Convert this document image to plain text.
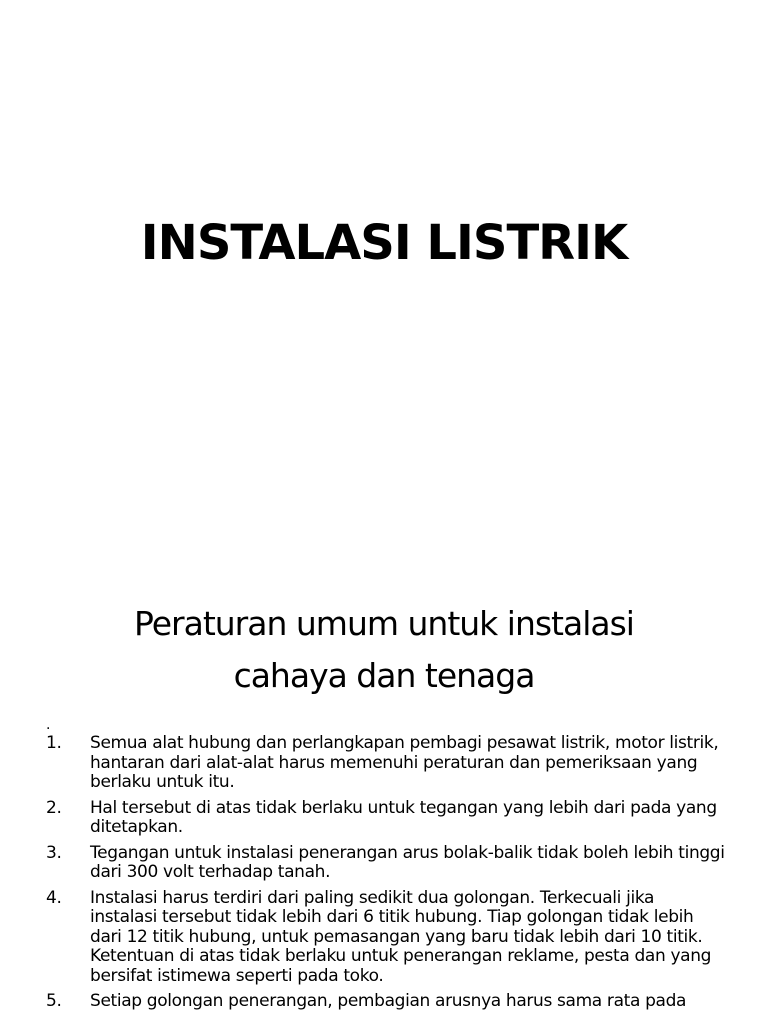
INSTALASI LISTRIK
Peraturan umum untuk instalasi
cahaya dan tenaga
.
1.	Semua alat hubung dan perlangkapan pembagi pesawat listrik, motor listrik, hantaran dari alat-alat harus memenuhi peraturan dan pemeriksaan yang berlaku untuk itu.
2.	Hal tersebut di atas tidak berlaku untuk tegangan yang lebih dari pada yang ditetapkan.
3.	Tegangan untuk instalasi penerangan arus bolak-balik tidak boleh lebih tinggi dari 300 volt terhadap tanah.
4.	Instalasi harus terdiri dari paling sedikit dua golongan. Terkecuali jika instalasi tersebut tidak lebih dari 6 titik hubung. Tiap golongan tidak lebih dari 12 titik hubung, untuk pemasangan yang baru tidak lebih dari 10 titik. Ketentuan di atas tidak berlaku untuk penerangan reklame, pesta dan yang bersifat istimewa seperti pada toko.
5.	Setiap golongan penerangan, pembagian arusnya harus sama rata pada
